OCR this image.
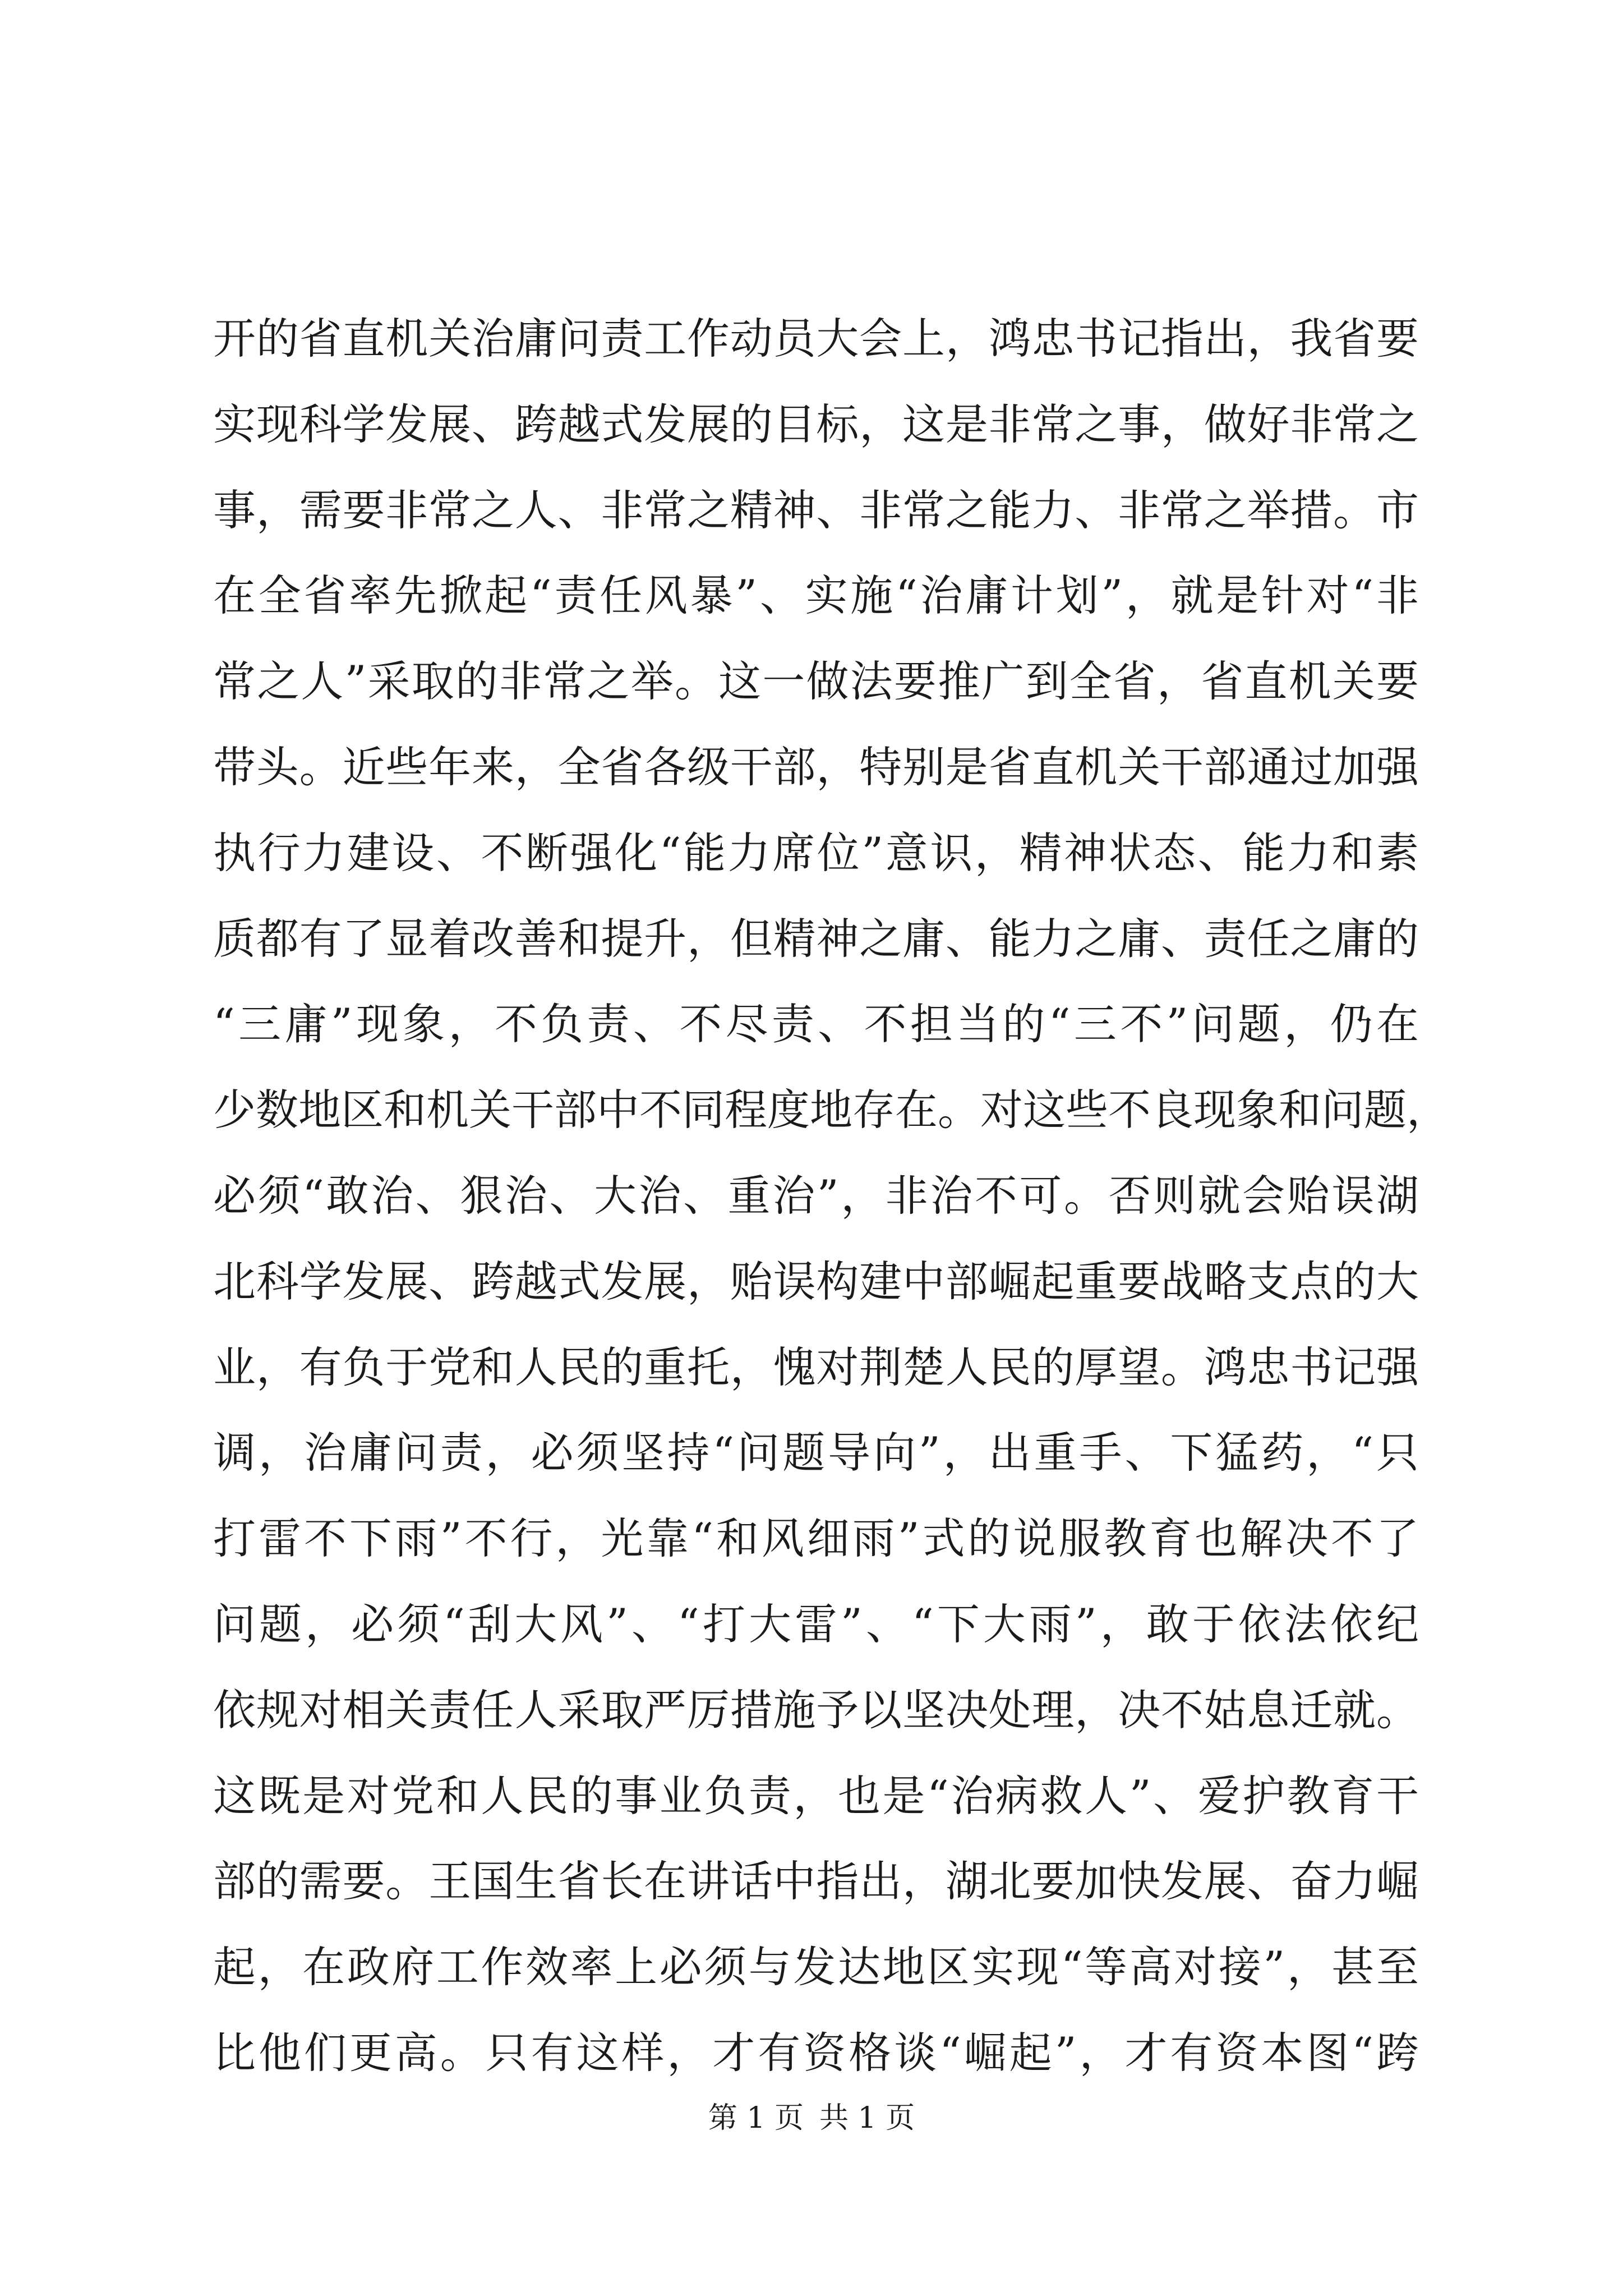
开的省直机关治庸问责工作动员大会上，鸿忠书记指出，我省要
实现科学发展、跨越式发展的目标，这是非常之事，做好非常之
事，需要非常之人、非常之精神、非常之能力、非常之举措。市
在全省率先掀起“责任风暴”、实施“治庸计划”，就是针对“非
常之人”采取的非常之举。这一做法要推广到全省，省直机关要
带头。近些年来，全省各级干部，特别是省直机关干部通过加强
执行力建设、不断强化“能力席位”意识，精神状态、能力和素
质都有了显着改善和提升，但精神之庸、能力之庸、责任之庸的
“三庸”现象，不负责、不尽责、不担当的“三不”问题，仍在
少数地区和机关干部中不同程度地存在。对这些不良现象和问题，
必须“敢治、狠治、大治、重治”，非治不可。否则就会贻误湖
北科学发展、跨越式发展，贻误构建中部崛起重要战略支点的大
业，有负于党和人民的重托，愧对荆楚人民的厚望。鸿忠书记强
调，治庸问责，必须坚持“问题导向”，出重手、下猛药，“只
打雷不下雨”不行，光靠“和风细雨”式的说服教育也解决不了
问题，必须“刮大风”、“打大雷”、“下大雨”，敢于依法依纪
依规对相关责任人采取严厉措施予以坚决处理，决不姑息迁就。
这既是对党和人民的事业负责，也是“治病救人”、爱护教育干
部的需要。王国生省长在讲话中指出，湖北要加快发展、奋力崛
起，在政府工作效率上必须与发达地区实现“等高对接”，甚至
比他们更高。只有这样，才有资格谈“崛起”，才有资本图“跨
第 1 页 共 1 页
